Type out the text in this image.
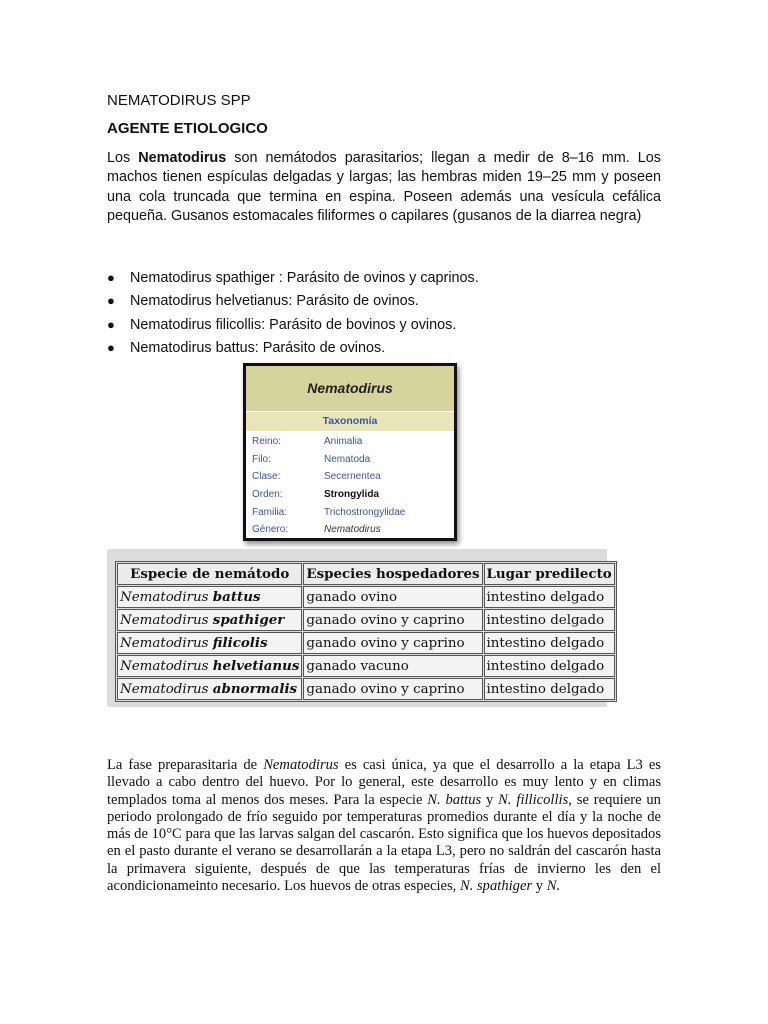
NEMATODIRUS SPP
AGENTE ETIOLOGICO

Los Nematodirus son nemátodos parasitarios; llegan a medir de 8–16 mm. Los machos tienen espículas delgadas y largas; las hembras miden 19–25 mm y poseen una cola truncada que termina en espina. Poseen además una vesícula cefálica pequeña. Gusanos estomacales filiformes o capilares (gusanos de la diarrea negra)

● Nematodirus spathiger : Parásito de ovinos y caprinos.
● Nematodirus helvetianus: Parásito de ovinos.
● Nematodirus filicollis: Parásito de bovinos y ovinos.
● Nematodirus battus: Parásito de ovinos.
Nematodirus
Taxonomía
Reino:	Animalia
Filo:	Nematoda
Clase:	Secernentea
Orden:	Strongylida
Familia:	Trichostrongylidae
Género:	Nematodirus
Especie de nemátodo	Especies hospedadores	Lugar predilecto
Nematodirus battus	ganado ovino	intestino delgado
Nematodirus spathiger	ganado ovino y caprino	intestino delgado
Nematodirus filicolis	ganado ovino y caprino	intestino delgado
Nematodirus helvetianus	ganado vacuno	intestino delgado
Nematodirus abnormalis	ganado ovino y caprino	intestino delgado

La fase preparasitaria de Nematodirus es casi única, ya que el desarrollo a la etapa L3 es llevado a cabo dentro del huevo. Por lo general, este desarrollo es muy lento y en climas templados toma al menos dos meses. Para la especie N. battus y N. fillicollis, se requiere un periodo prolongado de frío seguido por temperaturas promedios durante el día y la noche de más de 10°C para que las larvas salgan del cascarón. Esto significa que los huevos depositados en el pasto durante el verano se desarrollarán a la etapa L3, pero no saldrán del cascarón hasta la primavera siguiente, después de que las temperaturas frías de invierno les den el acondicionameinto necesario. Los huevos de otras especies, N. spathiger y N.
